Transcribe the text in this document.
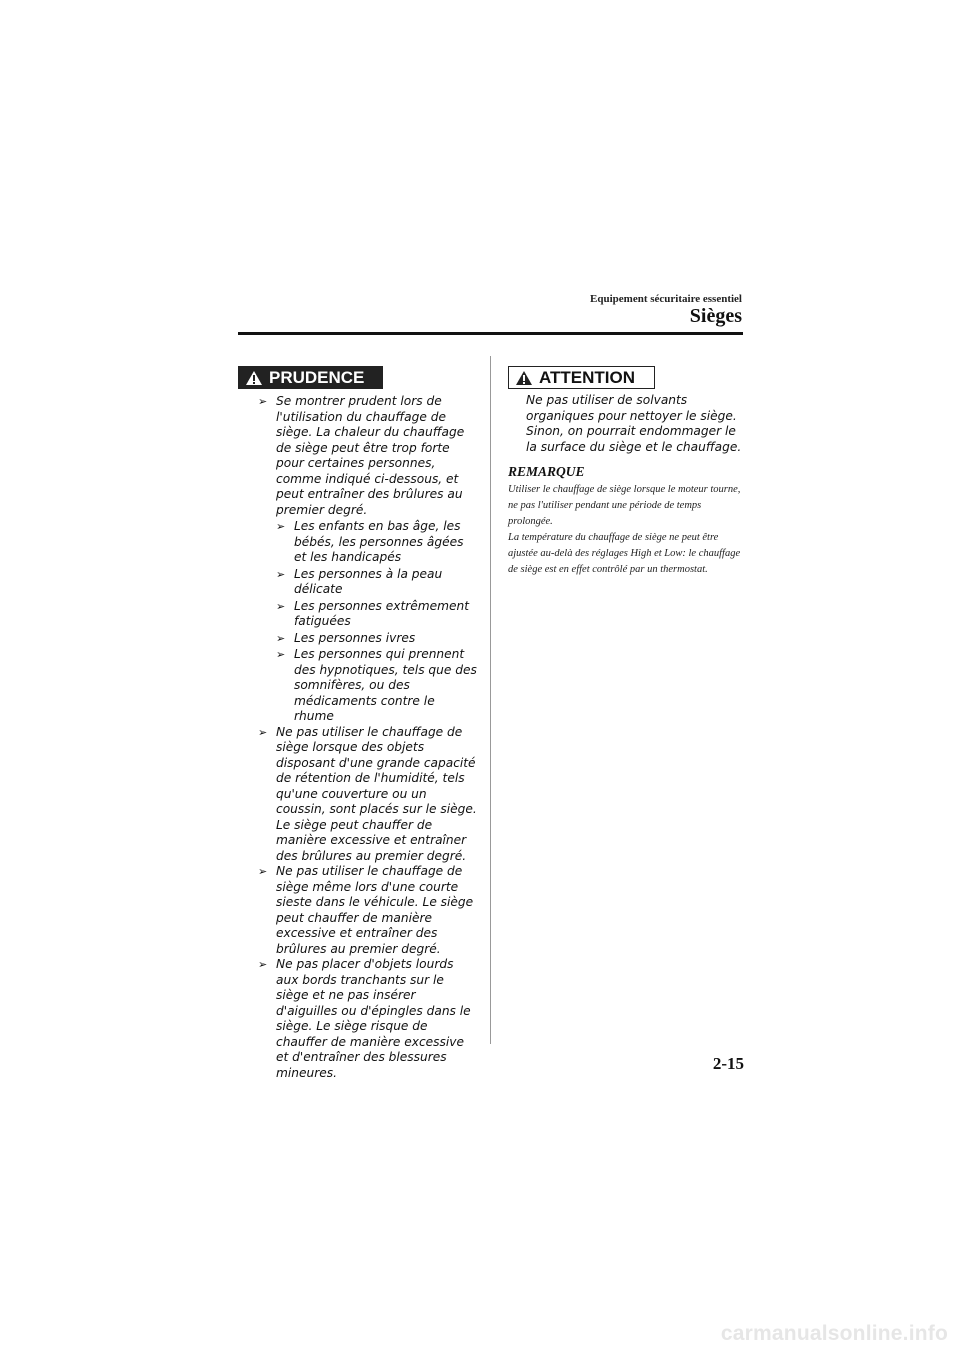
Equipement sécuritaire essentiel
Sièges
PRUDENCE

➢ Se montrer prudent lors de l'utilisation du chauffage de siège. La chaleur du chauffage de siège peut être trop forte pour certaines personnes, comme indiqué ci-dessous, et peut entraîner des brûlures au premier degré.

➢ Les enfants en bas âge, les bébés, les personnes âgées et les handicapés

➢ Les personnes à la peau délicate

➢ Les personnes extrêmement fatiguées

➢ Les personnes ivres

➢ Les personnes qui prennent des hypnotiques, tels que des somnifères, ou des médicaments contre le rhume

➢ Ne pas utiliser le chauffage de siège lorsque des objets disposant d'une grande capacité de rétention de l'humidité, tels qu'une couverture ou un coussin, sont placés sur le siège. Le siège peut chauffer de manière excessive et entraîner des brûlures au premier degré.

➢ Ne pas utiliser le chauffage de siège même lors d'une courte sieste dans le véhicule. Le siège peut chauffer de manière excessive et entraîner des brûlures au premier degré.

➢ Ne pas placer d'objets lourds aux bords tranchants sur le siège et ne pas insérer d'aiguilles ou d'épingles dans le siège. Le siège risque de chauffer de manière excessive et d'entraîner des blessures mineures.

ATTENTION
Ne pas utiliser de solvants organiques pour nettoyer le siège. Sinon, on pourrait endommager le la surface du siège et le chauffage.
REMARQUE

Utiliser le chauffage de siège lorsque le moteur tourne, ne pas l'utiliser pendant une période de temps prolongée.

La température du chauffage de siège ne peut être ajustée au-delà des réglages High et Low: le chauffage de siège est en effet contrôlé par un thermostat.

2-15
carmanualsonline.info
